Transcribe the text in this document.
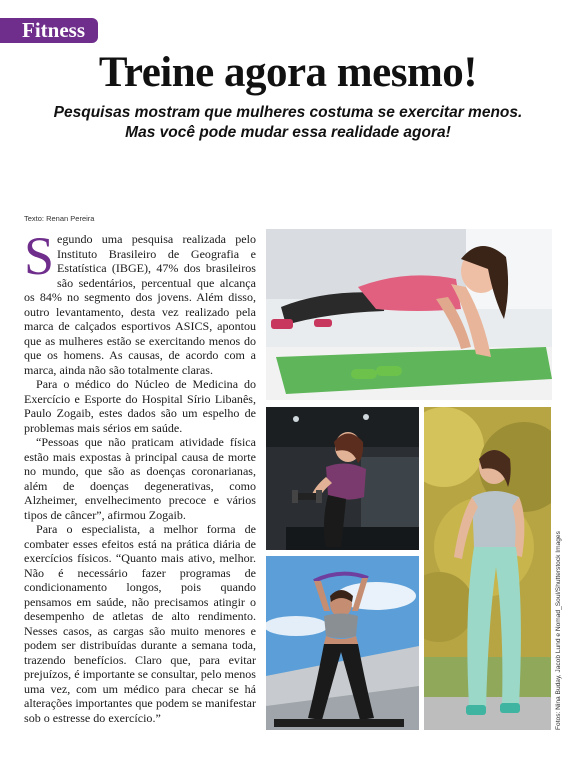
Fitness
Treine agora mesmo!
Pesquisas mostram que mulheres costuma se exercitar menos.
Mas você pode mudar essa realidade agora!
Texto: Renan Pereira

Segundo uma pesquisa realizada pelo Instituto Brasileiro de Geografia e Estatística (IBGE), 47% dos brasileiros são sedentários, percentual que alcança os 84% no segmento dos jovens. Além disso, outro levantamento, desta vez realizado pela marca de calçados esportivos ASICS, apontou que as mulheres estão se exercitando menos do que os homens. As causas, de acordo com a marca, ainda não são totalmente claras.

Para o médico do Núcleo de Medicina do Exercício e Esporte do Hospital Sírio Libanês, Paulo Zogaib, estes dados são um espelho de problemas mais sérios em saúde.

“Pessoas que não praticam atividade física estão mais expostas à principal causa de morte no mundo, que são as doenças coronarianas, além de doenças degenerativas, como Alzheimer, envelhecimento precoce e vários tipos de câncer”, afirmou Zogaib.

Para o especialista, a melhor forma de combater esses efeitos está na prática diária de exercícios físicos. “Quanto mais ativo, melhor. Não é necessário fazer programas de condicionamento longos, pois quando pensamos em saúde, não precisamos atingir o desempenho de atletas de alto rendimento. Nesses casos, as cargas são muito menores e podem ser distribuídas durante a semana toda, trazendo benefícios. Claro que, para evitar prejuízos, é importante se consultar, pelo menos uma vez, com um médico para checar se há alterações importantes que podem se manifestar sob o estresse do exercício.”	Fotos: Nina Buday, Jacob Lund e Nomad_Soul/Shutterstock Images
